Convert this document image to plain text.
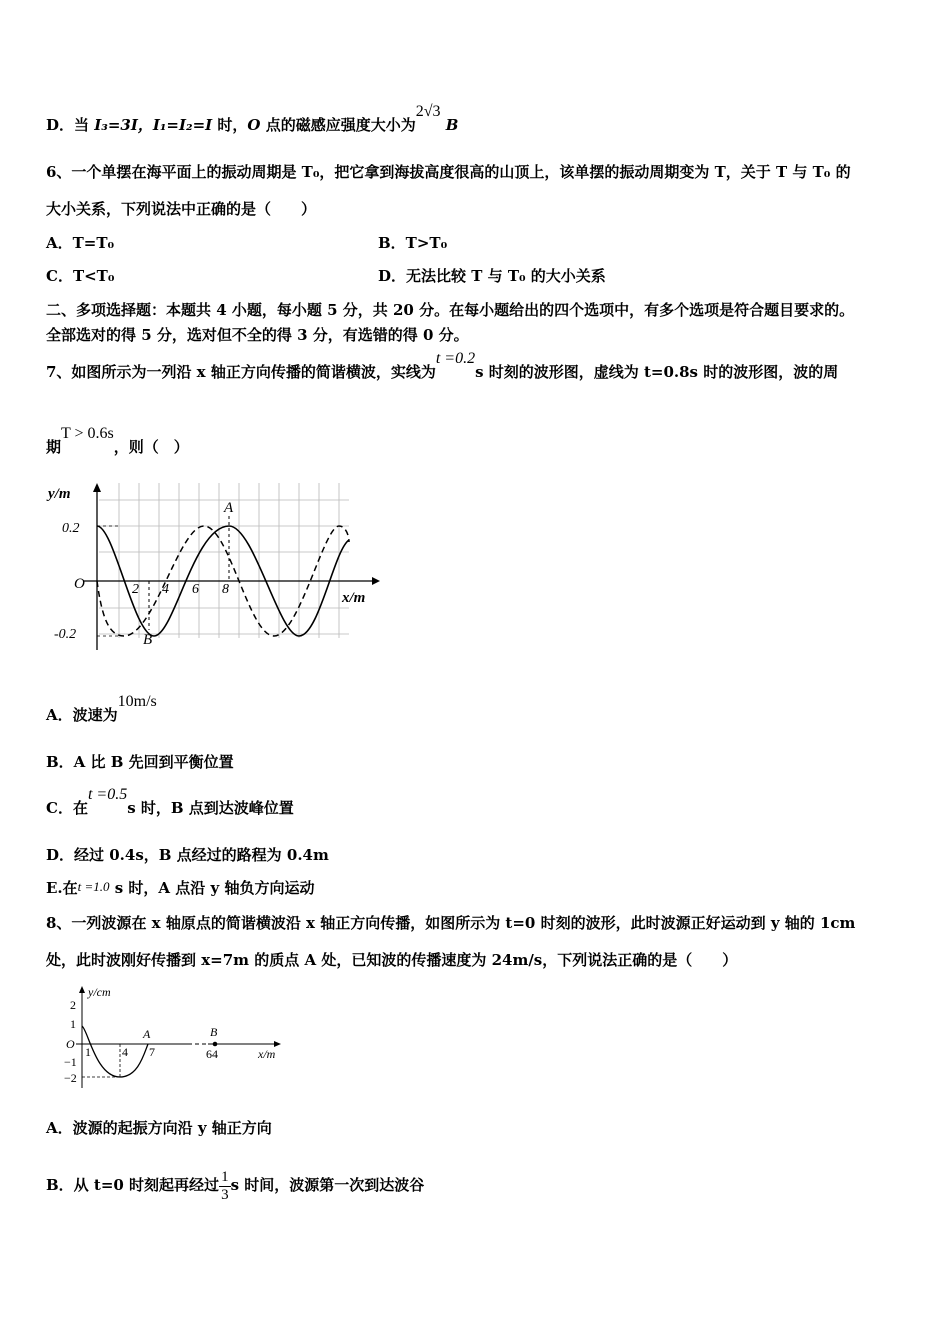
D．当 I₃=3I，I₁=I₂=I 时，O 点的磁感应强度大小为2√3 B
6、一个单摆在海平面上的振动周期是 T₀，把它拿到海拔高度很高的山顶上，该单摆的振动周期变为 T，关于 T 与 T₀ 的
大小关系，下列说法中正确的是（　　）
A．T=T₀	B．T>T₀
C．T<T₀	D．无法比较 T 与 T₀ 的大小关系
二、多项选择题：本题共 4 小题，每小题 5 分，共 20 分。在每小题给出的四个选项中，有多个选项是符合题目要求的。
全部选对的得 5 分，选对但不全的得 3 分，有选错的得 0 分。
7、如图所示为一列沿 x 轴正方向传播的简谐横波，实线为t =0.2s 时刻的波形图，虚线为 t=0.8s 时的波形图，波的周
期T > 0.6s，则（　）
y/m
x/m
0.2
-0.2
O	2 4 6 8
A
B
A．波速为10m/s
B．A 比 B 先回到平衡位置
C．在t =0.5s 时，B 点到达波峰位置
D．经过 0.4s，B 点经过的路程为 0.4m
E.在t =1.0 s 时，A 点沿 y 轴负方向运动
8、一列波源在 x 轴原点的简谐横波沿 x 轴正方向传播，如图所示为 t=0 时刻的波形，此时波源正好运动到 y 轴的 1cm
处，此时波刚好传播到 x=7m 的质点 A 处，已知波的传播速度为 24m/s，下列说法正确的是（　　）
y/cm
x/m
2
1
O
−1
−2
1	4 7
A	B
64
A．波源的起振方向沿 y 轴正方向
B．从 t=0 时刻起再经过 $\frac{1}{3}$ s 时间，波源第一次到达波谷
